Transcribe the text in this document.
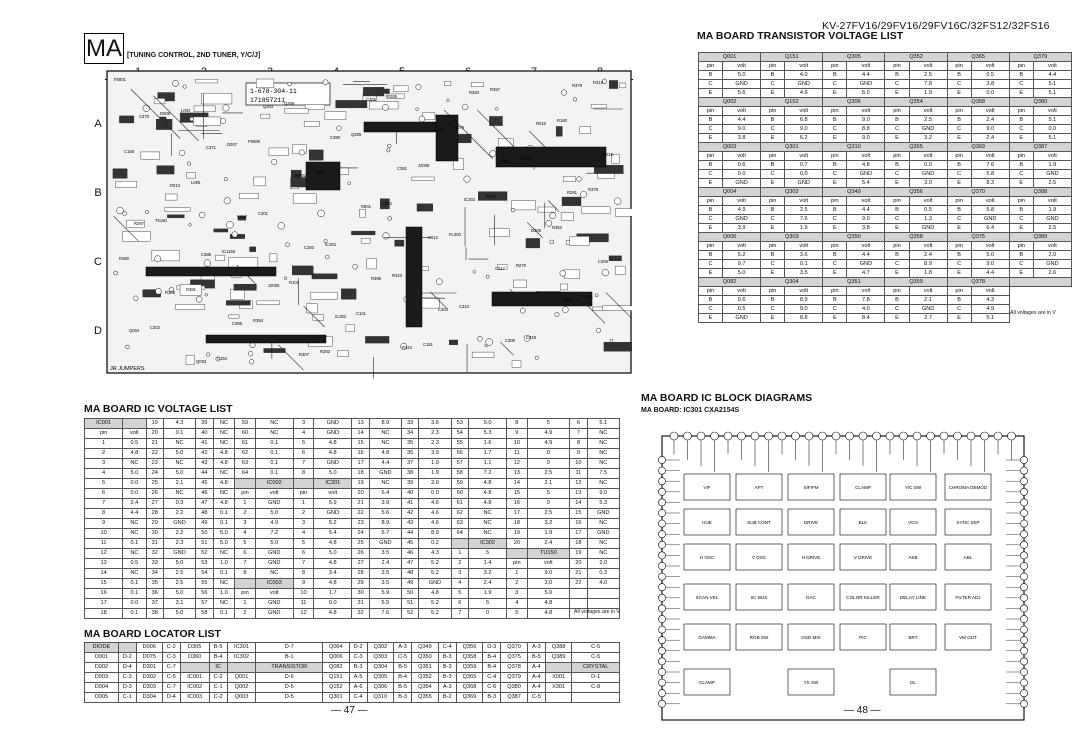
KV-27FV16/29FV16/29FV16C/32FS12/32FS16
MA [TUNING CONTROL, 2ND TUNER, Y/C/J]
A
B
C
D
1-678-304-11
171857211
JR JUMPERS
F8001
L004
F9008
R001
C352
FL300
R270
R351
C302
C154
Q306
Q305
J2005
J9002
R353
R380
R381
R384
R282
R285
R379
R379
R378
T5150
IC1150
R101
C101
C151
R357
R160
C158
L005
C301
IC301
R310
C310
C319
R319
D008
D007
JR801
R801
C012
C017
R204
Q004
Q003
Q303
C380
C381
IC302
D305
C306
R388
C386
R307
C305
C309
X301
R281
R297
C388
J2005
IC302
R344
R284
R010
C015
D013
C392
C393
R395
C304
C306
R379
C370
C371
MA BOARD TRANSISTOR VOLTAGE LIST
Q001		Q151		Q305		Q352		Q365		Q379	
pin	volt	pin	volt	pin	volt	pin	volt	pin	volt	pin	volt
B	5.0	B	4.0	B	4.4	B	2.5	B	0.5	B	4.4
C	GND	C	GND	C	GND	C	7.8	C	3.8	C	5.1
E	5.6	E	4.6	E	5.0	E	1.9	E	0.0	E	5.1
Q002		Q152		Q306		Q354		Q368		Q380	
pin	volt	pin	volt	pin	volt	pin	volt	pin	volt	pin	volt
B	4.4	B	6.8	B	9.0	B	2.5	B	2.4	B	5.1
C	9.0	C	9.0	C	8.8	C	GND	C	9.0	C	0.0
E	3.8	E	6.2	E	9.0	E	3.2	E	2.4	E	5.1
Q003		Q301		Q310		Q355		Q369		Q387	
pin	volt	pin	volt	pin	volt	pin	volt	pin	volt	pin	volt
B	0.6	B	0.7	B	4.8	B	0.0	B	7.6	B	1.9
C	0.0	C	0.0	C	GND	C	GND	C	5.8	C	GND
E	GND	E	GND	E	5.4	E	3.0	E	8.3	E	2.5
Q004		Q302		Q349		Q356		Q370		Q388	
pin	volt	pin	volt	pin	volt	pin	volt	pin	volt	pin	volt
B	4.9	B	2.5	B	4.4	B	0.5	B	5.8	B	1.9
C	GND	C	7.6	C	9.0	C	1.3	C	GND	C	GND
E	3.9	E	1.9	E	3.8	E	GND	E	6.4	E	2.5
Q006		Q303		Q350		Q358		Q375		Q389	
pin	volt	pin	volt	pin	volt	pin	volt	pin	volt	pin	volt
B	5.2	B	3.6	B	4.4	B	2.4	B	5.0	B	2.0
C	0.7	C	0.1	C	GND	C	8.9	C	9.0	C	GND
E	5.0	E	3.5	E	4.7	E	1.8	E	4.4	E	2.6
Q082		Q304		Q351		Q359		Q378			
pin	volt	pin	volt	pin	volt	pin	volt	pin	volt		
B	0.6	B	8.9	B	7.8	B	2.1	B	4.3		
C	0.5	C	9.0	C	4.0	C	GND	C	4.9		
E	GND	E	8.8	E	8.4	E	2.7	E	5.1		
All voltages are in V
MA BOARD IC VOLTAGE LIST
IC001		19	4.3	39	NC	59	NC	3	GND	13	8.9	33	3.6	53	9.0	8	5	6	5.1
pin	volt	20	0.1	40	NC	60	NC	4	GND	14	NC	34	2.3	54	5.3	9	4.9	7	NC
1	0.5	21	NC	41	NC	61	0.1	5	4.8	15	NC	35	2.3	55	1.6	10	4.9	8	NC
2	4.8	22	5.0	42	4.8	62	0.1	6	4.8	16	4.8	36	3.9	56	1.7	11	0	9	NC
3	NC	23	NC	43	4.8	63	0.1	7	GND	17	4.4	37	1.9	57	1.1	12	0	10	NC
4	5.0	24	5.0	44	NC	64	0.1	8	5.0	18	GND	38	1.9	58	7.2	13	2.5	11	7.5
5	0.0	25	2.1	45	4.8		IC002		IC301	19	NC	39	2.0	59	4.8	14	2.1	12	NC
6	0.0	26	NC	46	NC	pin	volt	pin	volt	20	6.4	40	0.0	60	4.8	15	5	13	9.0
7	2.4	27	0.3	47	4.8	1	GND	1	5.9	21	3.9	41	4.6	61	4.8	16	0	14	5.3
8	4.4	28	2.2	48	0.1	2	5.0	2	GND	22	5.6	42	4.6	62	NC	17	2.5	15	GND
9	NC	29	GND	49	0.1	3	4.9	3	5.2	23	8.9	43	4.6	63	NC	18	3.2	16	NC
10	NC	30	2.2	50	5.0	4	7.2	4	5.4	24	5.7	44	8.9	64	NC	19	1.9	17	GND
11	0.1	31	2.3	51	5.0	5	5.0	5	4.8	25	GND	45	0.2		IC302	20	2.4	18	NC
12	NC	32	GND	52	NC	6	GND	6	5.0	26	3.5	46	4.3	1	5		TU150	19	NC
13	0.5	33	5.0	53	1.0	7	GND	7	4.8	27	2.4	47	5.2	2	1.4	pin	volt	20	2.0
14	NC	34	2.5	54	0.1	8	NC	8	3.4	28	3.5	48	5.2	3	3.2	1	9.0	21	0.3
15	0.1	35	2.5	55	NC		IC003	9	4.8	29	3.5	49	GND	4	2.4	2	3.0	22	4.0
16	0.1	36	5.0	56	1.0	pin	volt	10	1.7	30	5.9	50	4.8	5	1.9	3	5.0		
17	0.0	37	3.1	57	NC	1	GND	11	0.0	31	5.5	51	5.2	6	5	4	4.8		
18	0.1	38	5.0	58	0.1	2	GND	12	4.8	32	7.6	52	5.2	7	0	5	4.8			All voltages are in V
MA BOARD LOCATOR LIST
DIODE		D006	C-2	D305	B-5	IC301	D-7	Q004	D-2	Q302	A-3	Q349	C-4	Q356	D-3	Q370	A-3	Q388	C-5
D001	D-2	D075	C-3	D360	B-4	IC302	B-1	Q006	C-3	Q303	C-5	Q350	B-3	Q358	B-4	Q375	B-5	Q389	C-5
D002	D-4	D301	C-7		IC		TRANSISTOR	Q082	B-3	Q304	B-5	Q351	B-3	Q359	B-4	Q378	A-4		CRYSTAL
D003	C-3	D302	C-5	IC001	C-2	Q001	D-6	Q151	A-5	Q305	B-4	Q352	B-3	Q365	C-4	Q379	A-4	X001	D-1
D004	D-3	D303	C-7	IC002	C-1	Q002	D-5	Q152	A-6	Q306	B-5	Q354	A-3	Q368	C-6	Q380	A-4	X301	C-8
D005	C-1	D304	D-4	IC003	C-2	Q003	D-5	Q301	C-4	Q310	B-3	Q355	B-2	Q369	B-3	Q387	C-5		
— 47 —	— 48 —
MA BOARD IC BLOCK DIAGRAMS
MA BOARD: IC301 CXA2154S
VIF	AFT	SIF/FM	CLAMP	Y/C SW	CHROMA DEMOD
HUE	SUB CONT	DRIVE	BLK	VCO	SYNC SEP
H OSC	V OSC	H DRIVE	V DRIVE	AKB	ABL
SCAN VEL	IIC BUS	DAC	COLOR KILLER	DELAY LINE	FILTER ADJ
GAMMA	RGB SW	OSD MIX	PIC	BRT	VM OUT
CLAMP	YS SW	DL
